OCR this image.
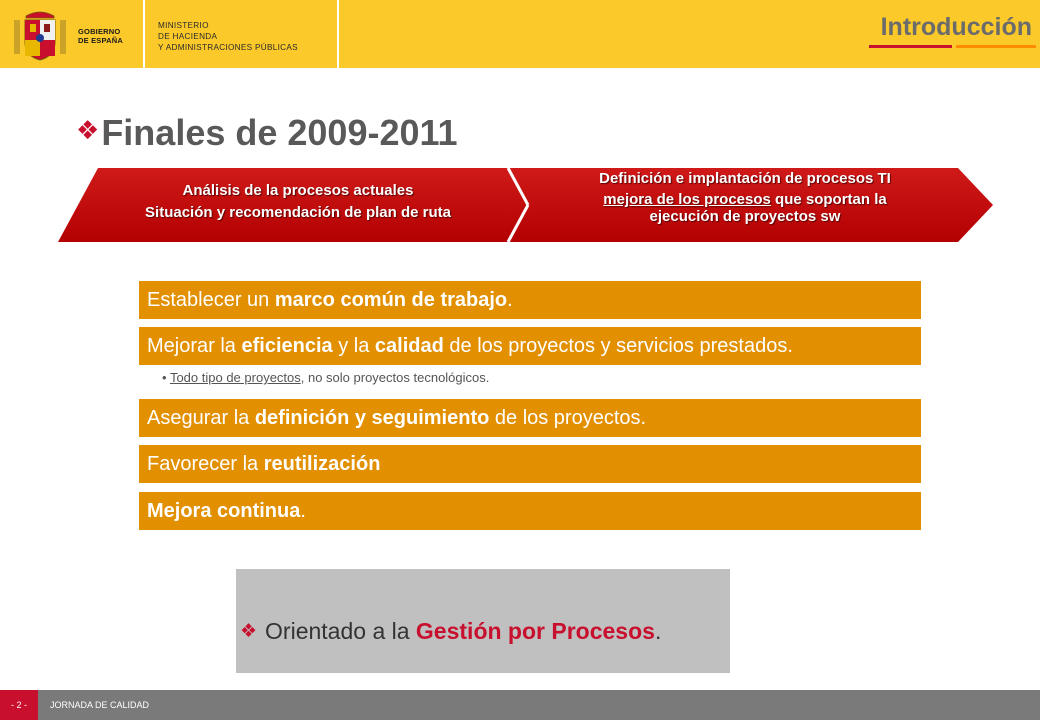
GOBIERNO
DE ESPAÑA
MINISTERIO
DE HACIENDA
Y ADMINISTRACIONES PÚBLICAS
Introducción
❖Finales de 2009-2011
Análisis de la procesos actuales
Situación y recomendación de plan de ruta
Definición e implantación de procesos TI
mejora de los procesos que soportan la
ejecución de proyectos sw
Establecer un marco común de trabajo.
Mejorar la eficiencia y la calidad de los proyectos y servicios prestados.
• Todo tipo de proyectos, no solo proyectos tecnológicos.
Asegurar la definición y seguimiento de los proyectos.
Favorecer la reutilización
Mejora continua.
❖ Orientado a la Gestión por Procesos.
- 2 -	JORNADA DE CALIDAD
